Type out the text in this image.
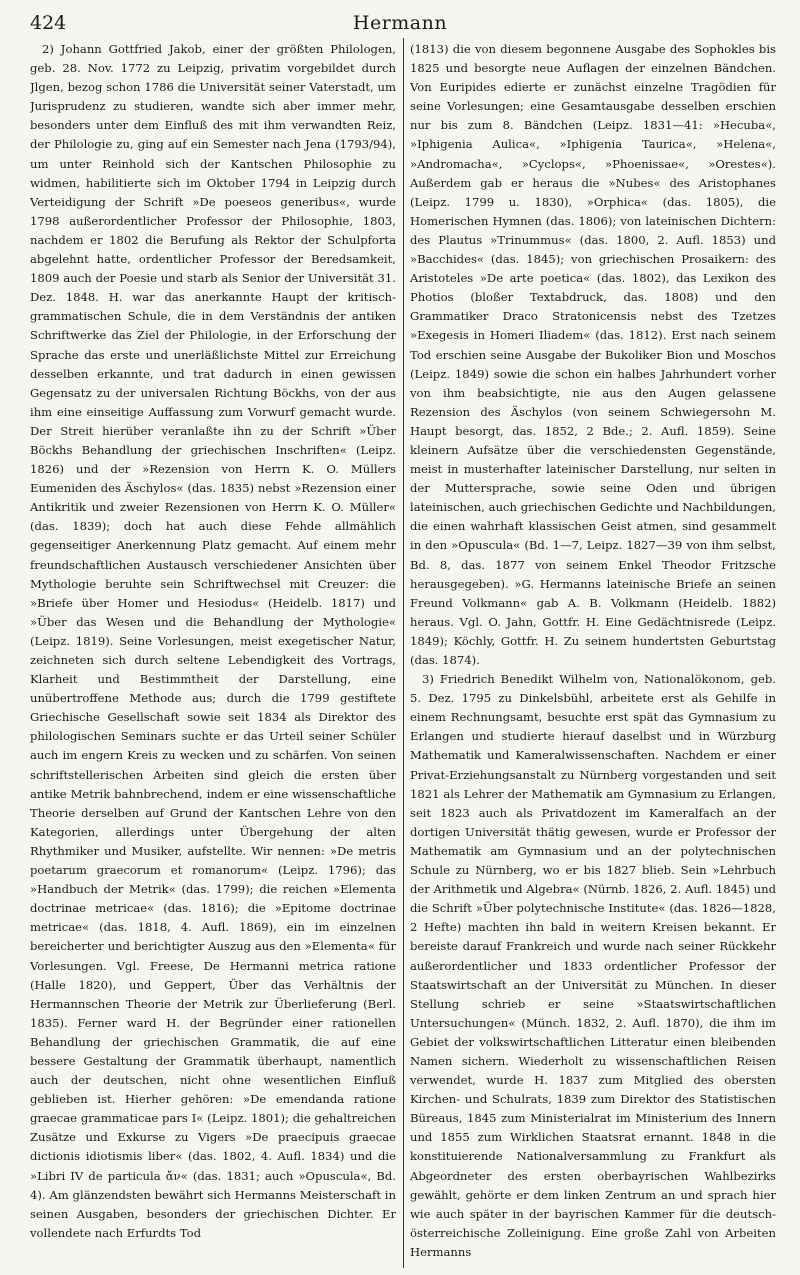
424	Hermann

2) Johann Gottfried Jakob, einer der größten Philologen, geb. 28. Nov. 1772 zu Leipzig, privatim vorgebildet durch Jlgen, bezog schon 1786 die Universität seiner Vaterstadt, um Jurisprudenz zu studieren, wandte sich aber immer mehr, besonders unter dem Einfluß des mit ihm verwandten Reiz, der Philologie zu, ging auf ein Semester nach Jena (1793/94), um unter Reinhold sich der Kantschen Philosophie zu widmen, habilitierte sich im Oktober 1794 in Leipzig durch Verteidigung der Schrift »De poeseos generibus«, wurde 1798 außerordentlicher Professor der Philosophie, 1803, nachdem er 1802 die Berufung als Rektor der Schulpforta abgelehnt hatte, ordentlicher Professor der Beredsamkeit, 1809 auch der Poesie und starb als Senior der Universität 31. Dez. 1848. H. war das anerkannte Haupt der kritisch-grammatischen Schule, die in dem Verständnis der antiken Schriftwerke das Ziel der Philologie, in der Erforschung der Sprache das erste und unerläßlichste Mittel zur Erreichung desselben erkannte, und trat dadurch in einen gewissen Gegensatz zu der universalen Richtung Böckhs, von der aus ihm eine einseitige Auffassung zum Vorwurf gemacht wurde. Der Streit hierüber veranlaßte ihn zu der Schrift »Über Böckhs Behandlung der griechischen Inschriften« (Leipz. 1826) und der »Rezension von Herrn K. O. Müllers Eumeniden des Äschylos« (das. 1835) nebst »Rezension einer Antikritik und zweier Rezensionen von Herrn K. O. Müller« (das. 1839); doch hat auch diese Fehde allmählich gegenseitiger Anerkennung Platz gemacht. Auf einem mehr freundschaftlichen Austausch verschiedener Ansichten über Mythologie beruhte sein Schriftwechsel mit Creuzer: die »Briefe über Homer und Hesiodus« (Heidelb. 1817) und »Über das Wesen und die Behandlung der Mythologie« (Leipz. 1819). Seine Vorlesungen, meist exegetischer Natur, zeichneten sich durch seltene Lebendigkeit des Vortrags, Klarheit und Bestimmtheit der Darstellung, eine unübertroffene Methode aus; durch die 1799 gestiftete Griechische Gesellschaft sowie seit 1834 als Direktor des philologischen Seminars suchte er das Urteil seiner Schüler auch im engern Kreis zu wecken und zu schärfen. Von seinen schriftstellerischen Arbeiten sind gleich die ersten über antike Metrik bahnbrechend, indem er eine wissenschaftliche Theorie derselben auf Grund der Kantschen Lehre von den Kategorien, allerdings unter Übergehung der alten Rhythmiker und Musiker, aufstellte. Wir nennen: »De metris poetarum graecorum et romanorum« (Leipz. 1796); das »Handbuch der Metrik« (das. 1799); die reichen »Elementa doctrinae metricae« (das. 1816); die »Epitome doctrinae metricae« (das. 1818, 4. Aufl. 1869), ein im einzelnen bereicherter und berichtigter Auszug aus den »Elementa« für Vorlesungen. Vgl. Freese, De Hermanni metrica ratione (Halle 1820), und Geppert, Über das Verhältnis der Hermannschen Theorie der Metrik zur Überlieferung (Berl. 1835). Ferner ward H. der Begründer einer rationellen Behandlung der griechischen Grammatik, die auf eine bessere Gestaltung der Grammatik überhaupt, namentlich auch der deutschen, nicht ohne wesentlichen Einfluß geblieben ist. Hierher gehören: »De emendanda ratione graecae grammaticae pars I« (Leipz. 1801); die gehaltreichen Zusätze und Exkurse zu Vigers »De praecipuis graecae dictionis idiotismis liber« (das. 1802, 4. Aufl. 1834) und die »Libri IV de particula ἄν« (das. 1831; auch »Opuscula«, Bd. 4). Am glänzendsten bewährt sich Hermanns Meisterschaft in seinen Ausgaben, besonders der griechischen Dichter. Er vollendete nach Erfurdts Tod

(1813) die von diesem begonnene Ausgabe des Sophokles bis 1825 und besorgte neue Auflagen der einzelnen Bändchen. Von Euripides edierte er zunächst einzelne Tragödien für seine Vorlesungen; eine Gesamtausgabe desselben erschien nur bis zum 8. Bändchen (Leipz. 1831—41: »Hecuba«, »Iphigenia Aulica«, »Iphigenia Taurica«, »Helena«, »Andromacha«, »Cyclops«, »Phoenissae«, »Orestes«). Außerdem gab er heraus die »Nubes« des Aristophanes (Leipz. 1799 u. 1830), »Orphica« (das. 1805), die Homerischen Hymnen (das. 1806); von lateinischen Dichtern: des Plautus »Trinummus« (das. 1800, 2. Aufl. 1853) und »Bacchides« (das. 1845); von griechischen Prosaikern: des Aristoteles »De arte poetica« (das. 1802), das Lexikon des Photios (bloßer Textabdruck, das. 1808) und den Grammatiker Draco Stratonicensis nebst des Tzetzes »Exegesis in Homeri Iliadem« (das. 1812). Erst nach seinem Tod erschien seine Ausgabe der Bukoliker Bion und Moschos (Leipz. 1849) sowie die schon ein halbes Jahrhundert vorher von ihm beabsichtigte, nie aus den Augen gelassene Rezension des Äschylos (von seinem Schwiegersohn M. Haupt besorgt, das. 1852, 2 Bde.; 2. Aufl. 1859). Seine kleinern Aufsätze über die verschiedensten Gegenstände, meist in musterhafter lateinischer Darstellung, nur selten in der Muttersprache, sowie seine Oden und übrigen lateinischen, auch griechischen Gedichte und Nachbildungen, die einen wahrhaft klassischen Geist atmen, sind gesammelt in den »Opuscula« (Bd. 1—7, Leipz. 1827—39 von ihm selbst, Bd. 8, das. 1877 von seinem Enkel Theodor Fritzsche herausgegeben). »G. Hermanns lateinische Briefe an seinen Freund Volkmann« gab A. B. Volkmann (Heidelb. 1882) heraus. Vgl. O. Jahn, Gottfr. H. Eine Gedächtnisrede (Leipz. 1849); Köchly, Gottfr. H. Zu seinem hundertsten Geburtstag (das. 1874).

3) Friedrich Benedikt Wilhelm von, Nationalökonom, geb. 5. Dez. 1795 zu Dinkelsbühl, arbeitete erst als Gehilfe in einem Rechnungsamt, besuchte erst spät das Gymnasium zu Erlangen und studierte hierauf daselbst und in Würzburg Mathematik und Kameralwissenschaften. Nachdem er einer Privat-Erziehungsanstalt zu Nürnberg vorgestanden und seit 1821 als Lehrer der Mathematik am Gymnasium zu Erlangen, seit 1823 auch als Privatdozent im Kameralfach an der dortigen Universität thätig gewesen, wurde er Professor der Mathematik am Gymnasium und an der polytechnischen Schule zu Nürnberg, wo er bis 1827 blieb. Sein »Lehrbuch der Arithmetik und Algebra« (Nürnb. 1826, 2. Aufl. 1845) und die Schrift »Über polytechnische Institute« (das. 1826—1828, 2 Hefte) machten ihn bald in weitern Kreisen bekannt. Er bereiste darauf Frankreich und wurde nach seiner Rückkehr außerordentlicher und 1833 ordentlicher Professor der Staatswirtschaft an der Universität zu München. In dieser Stellung schrieb er seine »Staatswirtschaftlichen Untersuchungen« (Münch. 1832, 2. Aufl. 1870), die ihm im Gebiet der volkswirtschaftlichen Litteratur einen bleibenden Namen sichern. Wiederholt zu wissenschaftlichen Reisen verwendet, wurde H. 1837 zum Mitglied des obersten Kirchen- und Schulrats, 1839 zum Direktor des Statistischen Büreaus, 1845 zum Ministerialrat im Ministerium des Innern und 1855 zum Wirklichen Staatsrat ernannt. 1848 in die konstituierende Nationalversammlung zu Frankfurt als Abgeordneter des ersten oberbayrischen Wahlbezirks gewählt, gehörte er dem linken Zentrum an und sprach hier wie auch später in der bayrischen Kammer für die deutsch-österreichische Zolleinigung. Eine große Zahl von Arbeiten Hermanns
